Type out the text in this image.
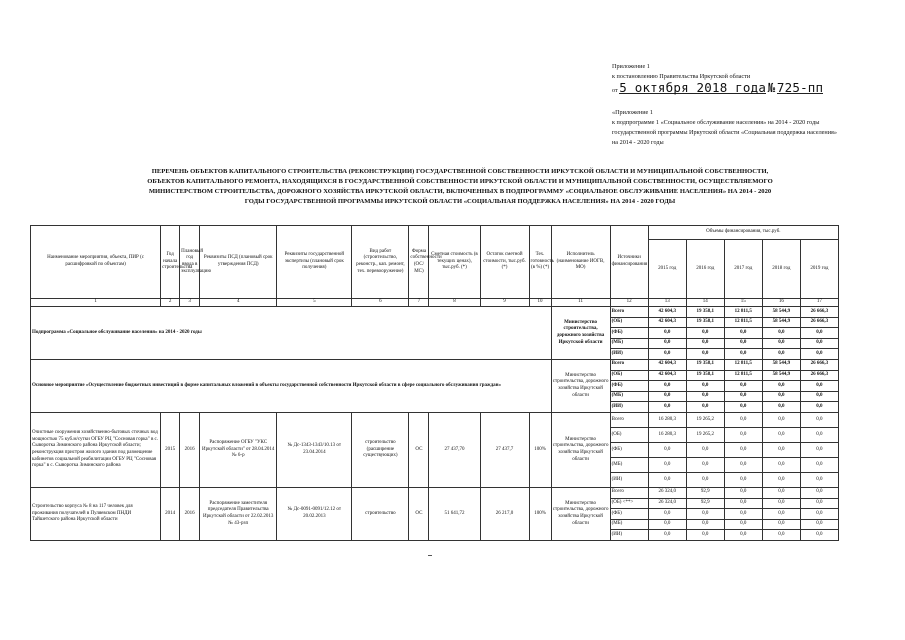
Приложение 1
к постановлению Правительства Иркутской области
от 5 октября 2018 года № 725-пп
«Приложение 1
к подпрограмме 1 «Социальное обслуживание населения» на 2014 - 2020 годы государственной программы Иркутской области «Социальная поддержка населения» на 2014 - 2020 годы
ПЕРЕЧЕНЬ ОБЪЕКТОВ КАПИТАЛЬНОГО СТРОИТЕЛЬСТВА (РЕКОНСТРУКЦИИ) ГОСУДАРСТВЕННОЙ СОБСТВЕННОСТИ ИРКУТСКОЙ ОБЛАСТИ И МУНИЦИПАЛЬНОЙ СОБСТВЕННОСТИ, ОБЪЕКТОВ КАПИТАЛЬНОГО РЕМОНТА, НАХОДЯЩИХСЯ В ГОСУДАРСТВЕННОЙ СОБСТВЕННОСТИ ИРКУТСКОЙ ОБЛАСТИ И МУНИЦИПАЛЬНОЙ СОБСТВЕННОСТИ, ОСУЩЕСТВЛЯЕМОГО МИНИСТЕРСТВОМ СТРОИТЕЛЬСТВА, ДОРОЖНОГО ХОЗЯЙСТВА ИРКУТСКОЙ ОБЛАСТИ, ВКЛЮЧЕННЫХ В ПОДПРОГРАММУ «СОЦИАЛЬНОЕ ОБСЛУЖИВАНИЕ НАСЕЛЕНИЯ» НА 2014 - 2020 ГОДЫ ГОСУДАРСТВЕННОЙ ПРОГРАММЫ ИРКУТСКОЙ ОБЛАСТИ «СОЦИАЛЬНАЯ ПОДДЕРЖКА НАСЕЛЕНИЯ» НА 2014 - 2020 ГОДЫ
Наименование мероприятия, объекта, ПИР (с расшифровкой по объектам)	Год начала строительства	Плановый год ввода в эксплуатацию	Реквизиты ПСД (плановый срок утверждения ПСД)	Реквизиты государственной экспертизы (плановый срок получения)	Вид работ (строительство, реконстр., кап. ремонт, тех. перевооружение)	Форма собственности (ОС/МС)	Сметная стоимость (в текущих ценах), тыс.руб. (*)	Остаток сметной стоимости, тыс.руб. (*)	Тех. готовность (в %) (*)	Исполнитель (наименование ИОГВ, МО)	Источники финансирования	Объемы финансирования, тыс.руб.				
												2015 год	2016 год	2017 год	2018 год	2019 год
1	2	3	4	5	6	7	8	9	10	11	12	13	14	15	16	17
Подпрограмма «Социальное обслуживание населения» на 2014 - 2020 годы										Министерство строительства, дорожного хозяйства Иркутской области	Всего	42 604,3	19 358,1	12 811,5	58 544,9	26 666,3
											(ОБ)	42 604,3	19 358,1	12 811,5	58 544,9	26 666,3
											(ФБ)	0,0	0,0	0,0	0,0	0,0
											(МБ)	0,0	0,0	0,0	0,0	0,0
											(ИИ)	0,0	0,0	0,0	0,0	0,0
Основное мероприятие «Осуществление бюджетных инвестиций в форме капитальных вложений в объекты государственной собственности Иркутской области в сфере социального обслуживания граждан»										Министерство строительства, дорожного хозяйства Иркутской области	Всего	42 604,3	19 358,1	12 811,5	58 544,9	26 666,3
											(ОБ)	42 604,3	19 358,1	12 811,5	58 544,9	26 666,3
											(ФБ)	0,0	0,0	0,0	0,0	0,0
											(МБ)	0,0	0,0	0,0	0,0	0,0
											(ИИ)	0,0	0,0	0,0	0,0	0,0
Очистные сооружения хозяйственно-бытовых сточных вод мощностью 75 куб.м/сутки ОГБУ РЦ "Сосновая горка" в с. Сыворотка Зиминского района Иркутской области; реконструкция пристроя жилого здания под размещение кабинетов социальной реабилитации ОГБУ РЦ "Сосновая горка" в с. Сыворотка Зиминского района	2015	2016	Распоряжение ОГБУ "УКС Иркутской области" от 28.04.2014 № 6-р	№ Дс-1343-1343/10.13 от 23.04.2014	строительство (расширение существующих)	ОС	27 437,70	27 437,7	100%	Министерство строительства, дорожного хозяйства Иркутской области	Всего	16 280,3	19 265,2	0,0	0,0	0,0
											(ОБ)	16 280,3	19 265,2	0,0	0,0	0,0
											(ФБ)	0,0	0,0	0,0	0,0	0,0
											(МБ)	0,0	0,0	0,0	0,0	0,0
											(ИИ)	0,0	0,0	0,0	0,0	0,0
Строительство корпуса № 8 на 117 человек для проживания получателей в Пуляевском ПНДИ Тайшетского района Иркутской области	2014	2016	Распоряжение заместителя председателя Правительства Иркутской области от 22.02.2013 № 43-рзп	№ Дс-0091-0091/12.12 от 20.02.2013	строительство	ОС	51 641,72	26 217,0	100%	Министерство строительства, дорожного хозяйства Иркутской области	Всего	26 324,0	92,9	0,0	0,0	0,0
											(ОБ) <**>	26 324,0	92,9	0,0	0,0	0,0
											(ФБ)	0,0	0,0	0,0	0,0	0,0
											(МБ)	0,0	0,0	0,0	0,0	0,0
											(ИИ)	0,0	0,0	0,0	0,0	0,0
